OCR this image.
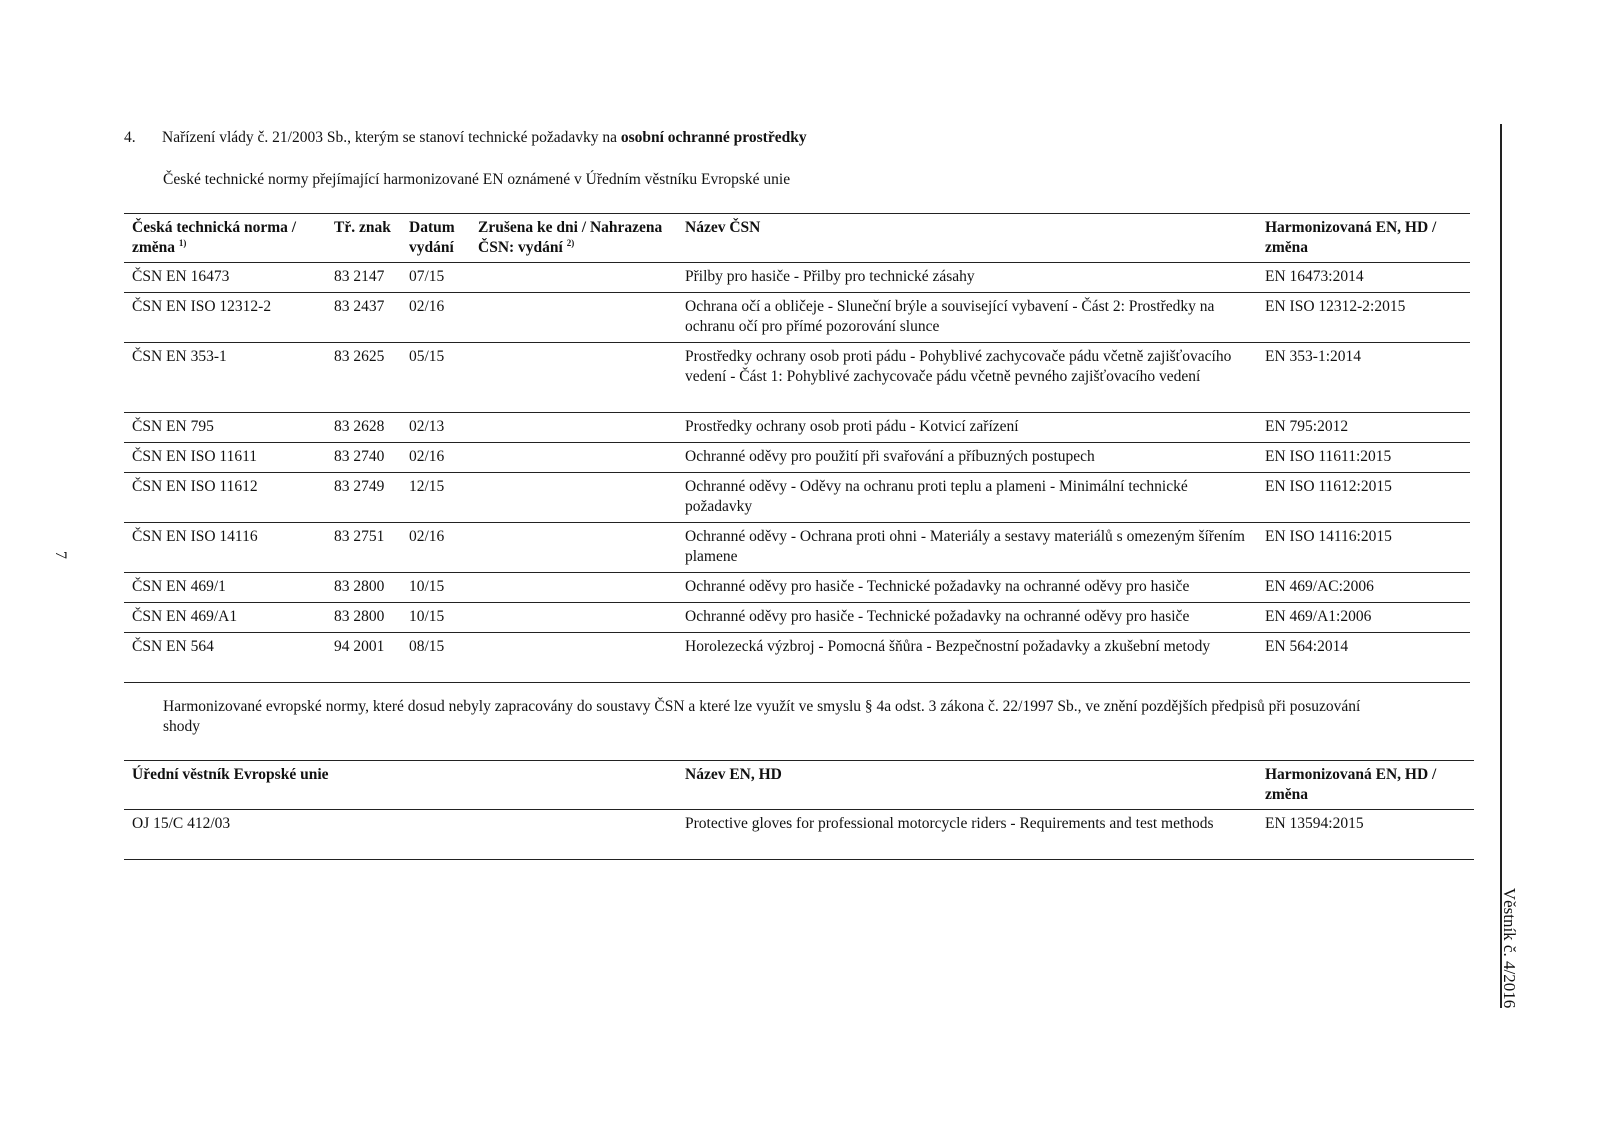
4. Nařízení vlády č. 21/2003 Sb., kterým se stanoví technické požadavky na osobní ochranné prostředky
České technické normy přejímající harmonizované EN oznámené v Úředním věstníku Evropské unie
Česká technická norma / změna $^{1)}$	Tř. znak	Datum vydání	Zrušena ke dni / Nahrazena ČSN: vydání $^{2)}$	Název ČSN	Harmonizovaná EN, HD / změna
ČSN EN 16473	83 2147	07/15		Přilby pro hasiče - Přilby pro technické zásahy	EN 16473:2014
ČSN EN ISO 12312-2	83 2437	02/16		Ochrana očí a obličeje - Sluneční brýle a související vybavení - Část 2: Prostředky na ochranu očí pro přímé pozorování slunce	EN ISO 12312-2:2015
ČSN EN 353-1	83 2625	05/15		Prostředky ochrany osob proti pádu - Pohyblivé zachycovače pádu včetně zajišťovacího vedení - Část 1: Pohyblivé zachycovače pádu včetně pevného zajišťovacího vedení	EN 353-1:2014
ČSN EN 795	83 2628	02/13		Prostředky ochrany osob proti pádu - Kotvicí zařízení	EN 795:2012
ČSN EN ISO 11611	83 2740	02/16		Ochranné oděvy pro použití při svařování a příbuzných postupech	EN ISO 11611:2015
ČSN EN ISO 11612	83 2749	12/15		Ochranné oděvy - Oděvy na ochranu proti teplu a plameni - Minimální technické požadavky	EN ISO 11612:2015
ČSN EN ISO 14116	83 2751	02/16		Ochranné oděvy - Ochrana proti ohni - Materiály a sestavy materiálů s omezeným šířením plamene	EN ISO 14116:2015
ČSN EN 469/1	83 2800	10/15		Ochranné oděvy pro hasiče - Technické požadavky na ochranné oděvy pro hasiče	EN 469/AC:2006
ČSN EN 469/A1	83 2800	10/15		Ochranné oděvy pro hasiče - Technické požadavky na ochranné oděvy pro hasiče	EN 469/A1:2006
ČSN EN 564	94 2001	08/15		Horolezecká výzbroj - Pomocná šňůra - Bezpečnostní požadavky a zkušební metody	EN 564:2014
Harmonizované evropské normy, které dosud nebyly zapracovány do soustavy ČSN a které lze využít ve smyslu § 4a odst. 3 zákona č. 22/1997 Sb., ve znění pozdějších předpisů při posuzování shody
Úřední věstník Evropské unie	Název EN, HD	Harmonizovaná EN, HD / změna
OJ 15/C 412/03	Protective gloves for professional motorcycle riders - Requirements and test methods	EN 13594:2015
7
Věstník č. 4/2016
